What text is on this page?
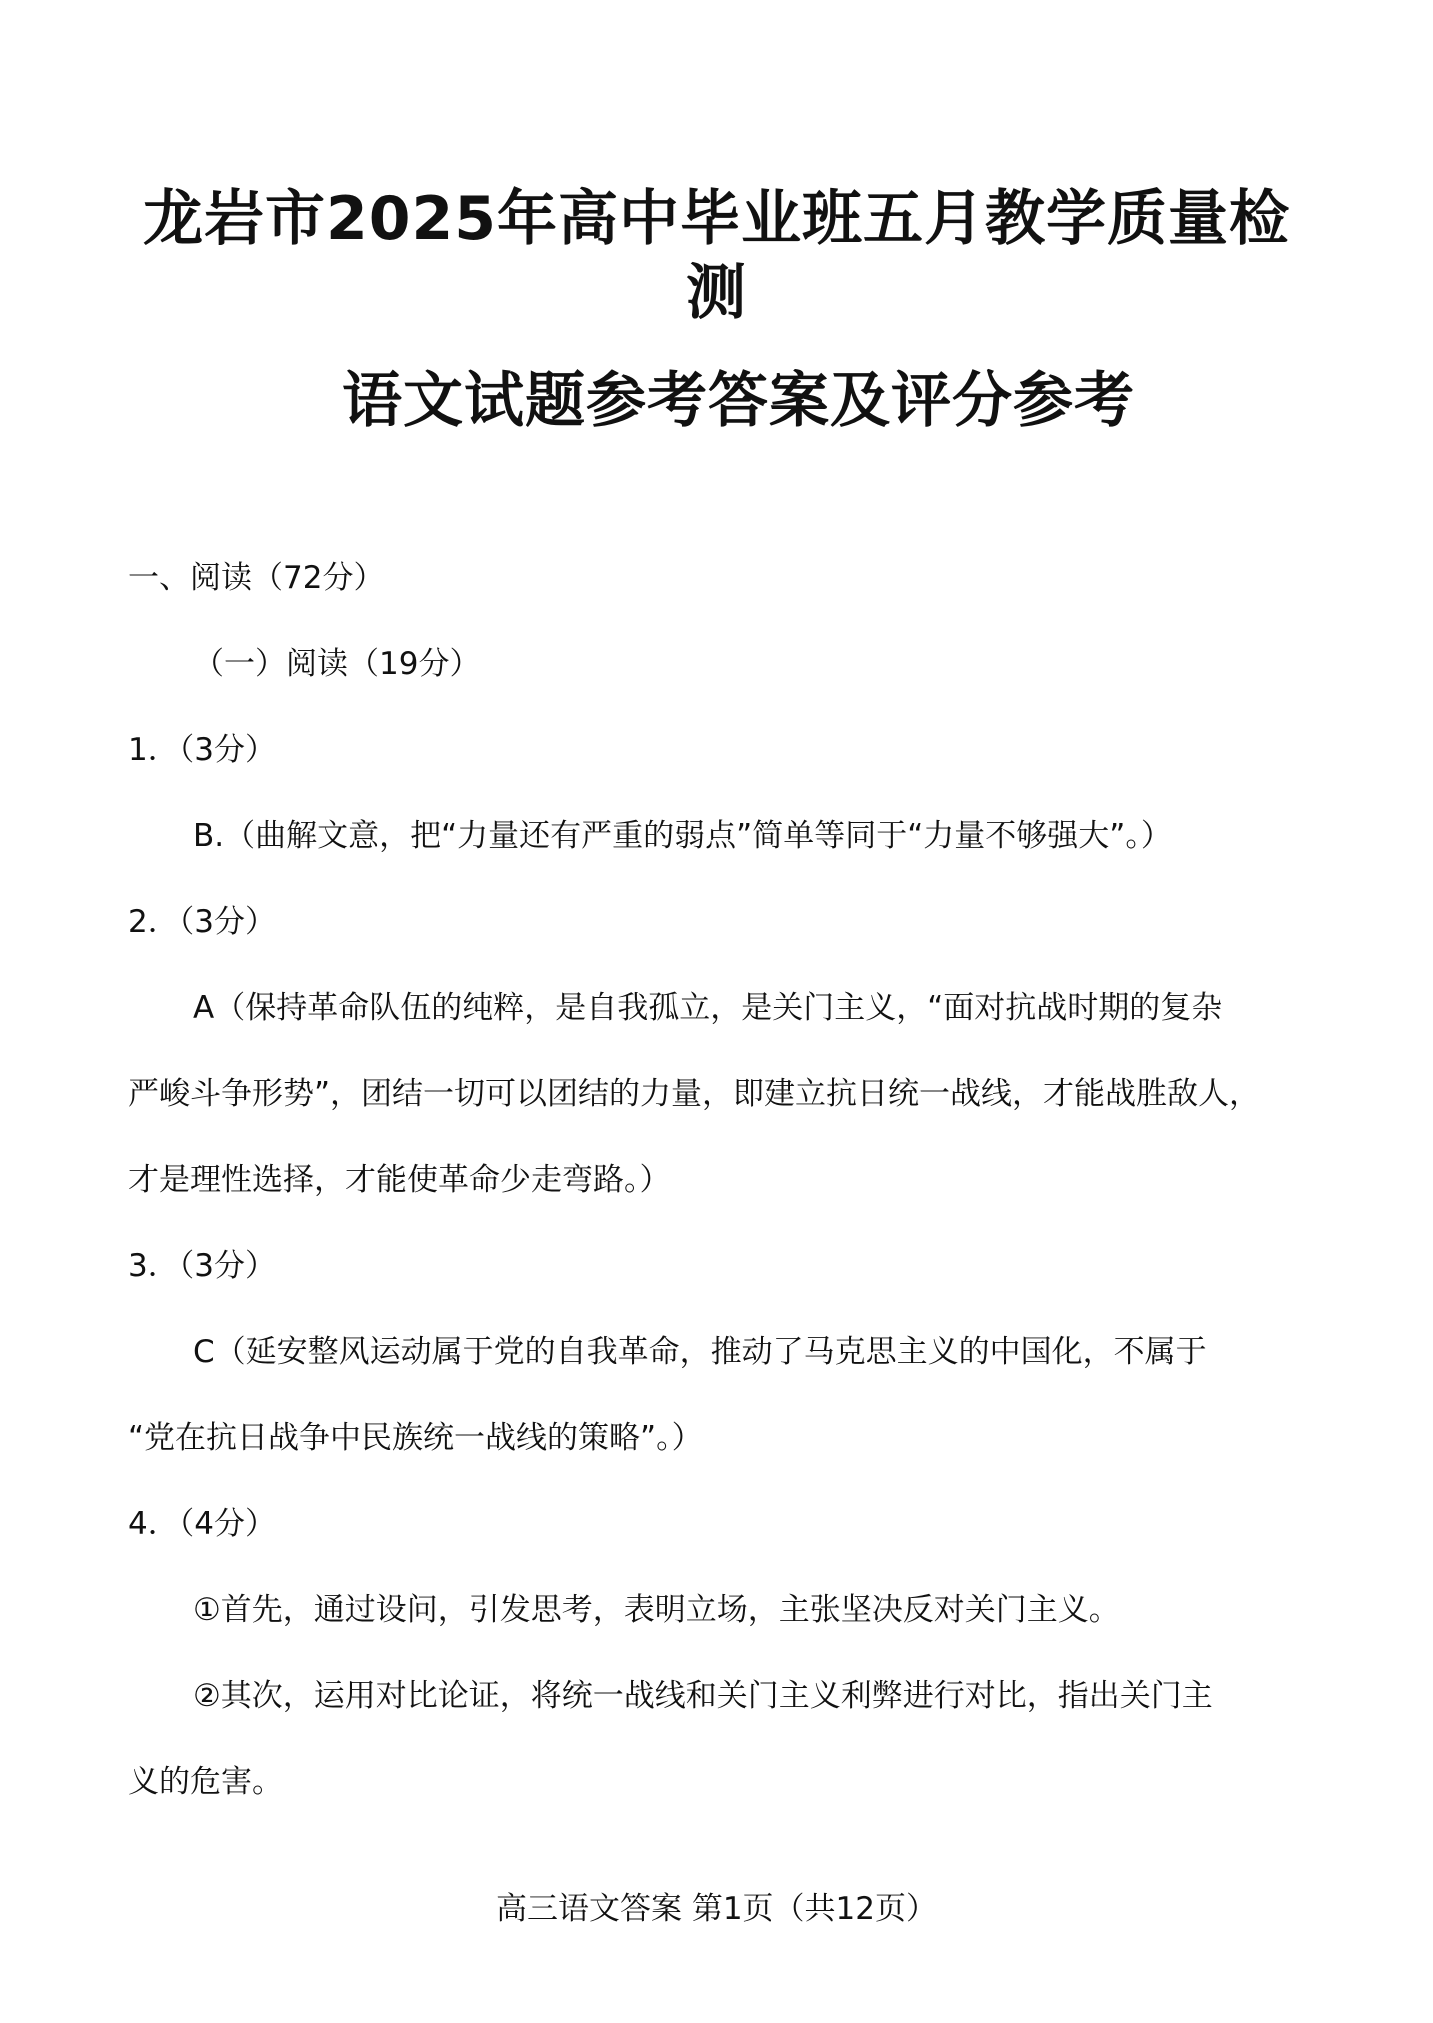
龙岩市2025年高中毕业班五月教学质量检
测
语文试题参考答案及评分参考
一、阅读（72分）
（一）阅读（19分）
1．（3分）
B.（曲解文意，把“力量还有严重的弱点”简单等同于“力量不够强大”。）
2．（3分）
A（保持革命队伍的纯粹，是自我孤立，是关门主义，“面对抗战时期的复杂
严峻斗争形势”，团结一切可以团结的力量，即建立抗日统一战线，才能战胜敌人，
才是理性选择，才能使革命少走弯路。）
3．（3分）
C（延安整风运动属于党的自我革命，推动了马克思主义的中国化，不属于
“党在抗日战争中民族统一战线的策略”。）
4．（4分）
①首先，通过设问，引发思考，表明立场，主张坚决反对关门主义。
②其次，运用对比论证，将统一战线和关门主义利弊进行对比，指出关门主
义的危害。
高三语文答案 第1页（共12页）
